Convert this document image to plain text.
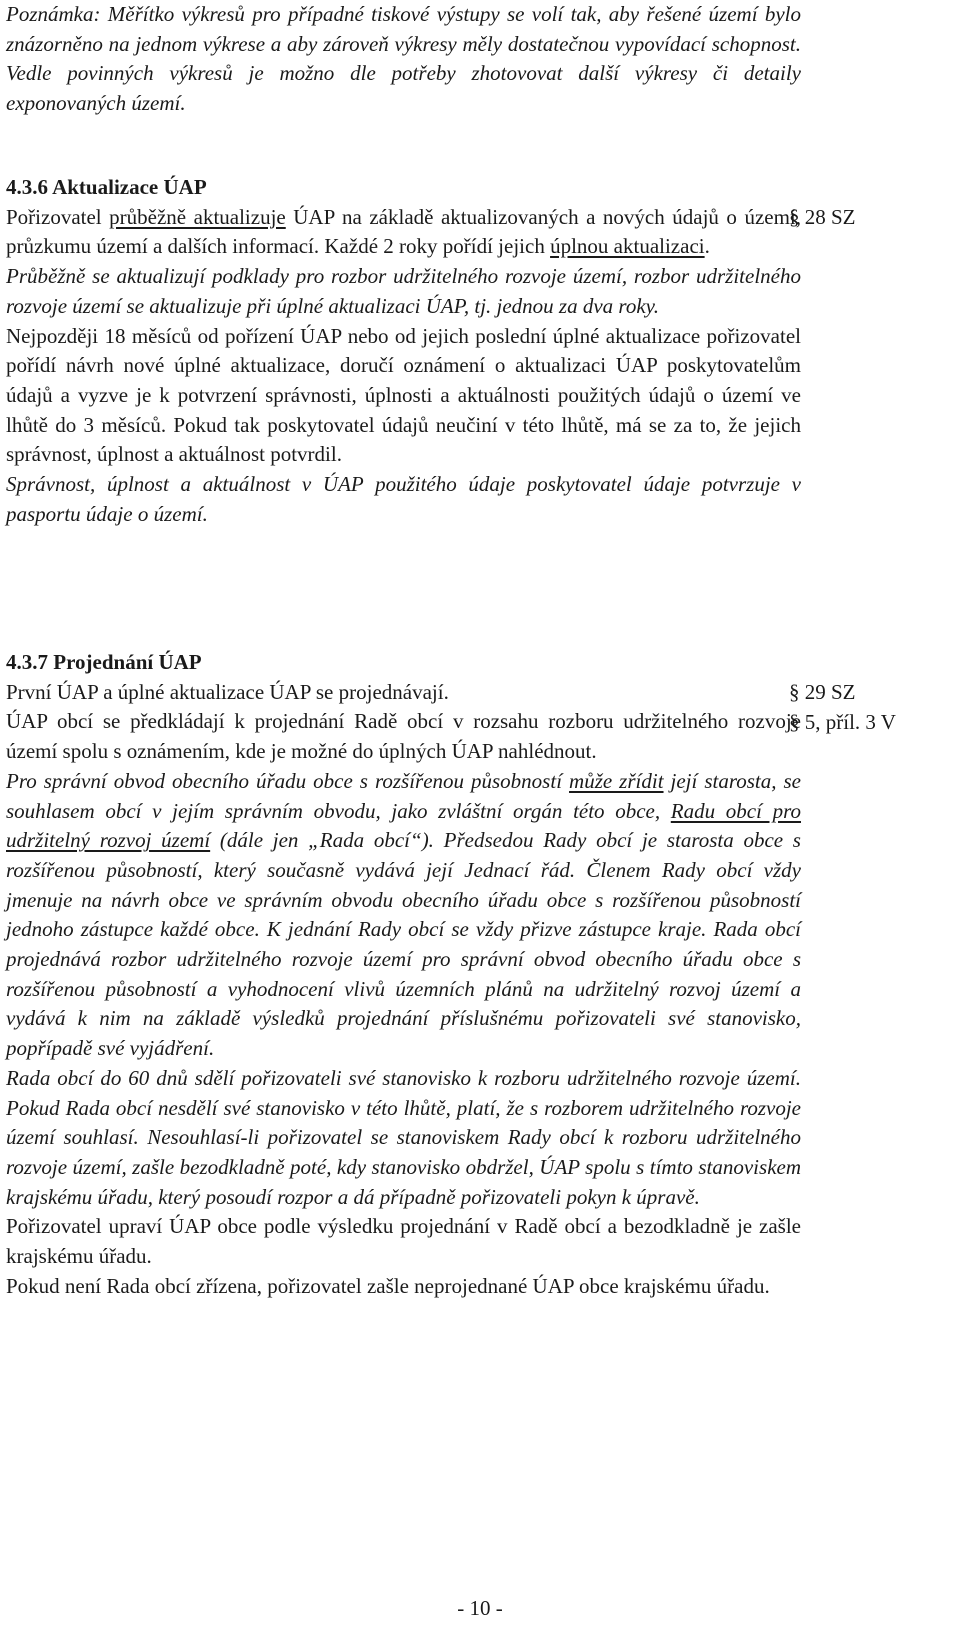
Poznámka: Měřítko výkresů pro případné tiskové výstupy se volí tak, aby řešené území bylo znázorněno na jednom výkrese a aby zároveň výkresy měly dostatečnou vypovídací schopnost. Vedle povinných výkresů je možno dle potřeby zhotovovat další výkresy či detaily exponovaných území.

4.3.6 Aktualizace ÚAP

Pořizovatel průběžně aktualizuje ÚAP na základě aktualizovaných a nových údajů o území, průzkumu území a dalších informací. Každé 2 roky pořídí jejich úplnou aktualizaci.

Průběžně se aktualizují podklady pro rozbor udržitelného rozvoje území, rozbor udržitelného rozvoje území se aktualizuje při úplné aktualizaci ÚAP, tj. jednou za dva roky.

Nejpozději 18 měsíců od pořízení ÚAP nebo od jejich poslední úplné aktualizace pořizovatel pořídí návrh nové úplné aktualizace, doručí oznámení o aktualizaci ÚAP poskytovatelům údajů a vyzve je k potvrzení správnosti, úplnosti a aktuálnosti použitých údajů o území ve lhůtě do 3 měsíců. Pokud tak poskytovatel údajů neučiní v této lhůtě, má se za to, že jejich správnost, úplnost a aktuálnost potvrdil.

Správnost, úplnost a aktuálnost v ÚAP použitého údaje poskytovatel údaje potvrzuje v pasportu údaje o území.

§ 28 SZ

4.3.7 Projednání ÚAP

První ÚAP a úplné aktualizace ÚAP se projednávají.

ÚAP obcí se předkládají k projednání Radě obcí v rozsahu rozboru udržitelného rozvoje území spolu s oznámením, kde je možné do úplných ÚAP nahlédnout.

Pro správní obvod obecního úřadu obce s rozšířenou působností může zřídit její starosta, se souhlasem obcí v jejím správním obvodu, jako zvláštní orgán této obce, Radu obcí pro udržitelný rozvoj území (dále jen „Rada obcí“). Předsedou Rady obcí je starosta obce s rozšířenou působností, který současně vydává její Jednací řád. Členem Rady obcí vždy jmenuje na návrh obce ve správním obvodu obecního úřadu obce s rozšířenou působností jednoho zástupce každé obce. K jednání Rady obcí se vždy přizve zástupce kraje. Rada obcí projednává rozbor udržitelného rozvoje území pro správní obvod obecního úřadu obce s rozšířenou působností a vyhodnocení vlivů územních plánů na udržitelný rozvoj území a vydává k nim na základě výsledků projednání příslušnému pořizovateli své stanovisko, popřípadě své vyjádření.

Rada obcí do 60 dnů sdělí pořizovateli své stanovisko k rozboru udržitelného rozvoje území. Pokud Rada obcí nesdělí své stanovisko v této lhůtě, platí, že s rozborem udržitelného rozvoje území souhlasí. Nesouhlasí-li pořizovatel se stanoviskem Rady obcí k rozboru udržitelného rozvoje území, zašle bezodkladně poté, kdy stanovisko obdržel, ÚAP spolu s tímto stanoviskem krajskému úřadu, který posoudí rozpor a dá případně pořizovateli pokyn k úpravě.

Pořizovatel upraví ÚAP obce podle výsledku projednání v Radě obcí a bezodkladně je zašle krajskému úřadu.

Pokud není Rada obcí zřízena, pořizovatel zašle neprojednané ÚAP obce krajskému úřadu.

§ 29 SZ
§ 5, příl. 3 V
- 10 -
